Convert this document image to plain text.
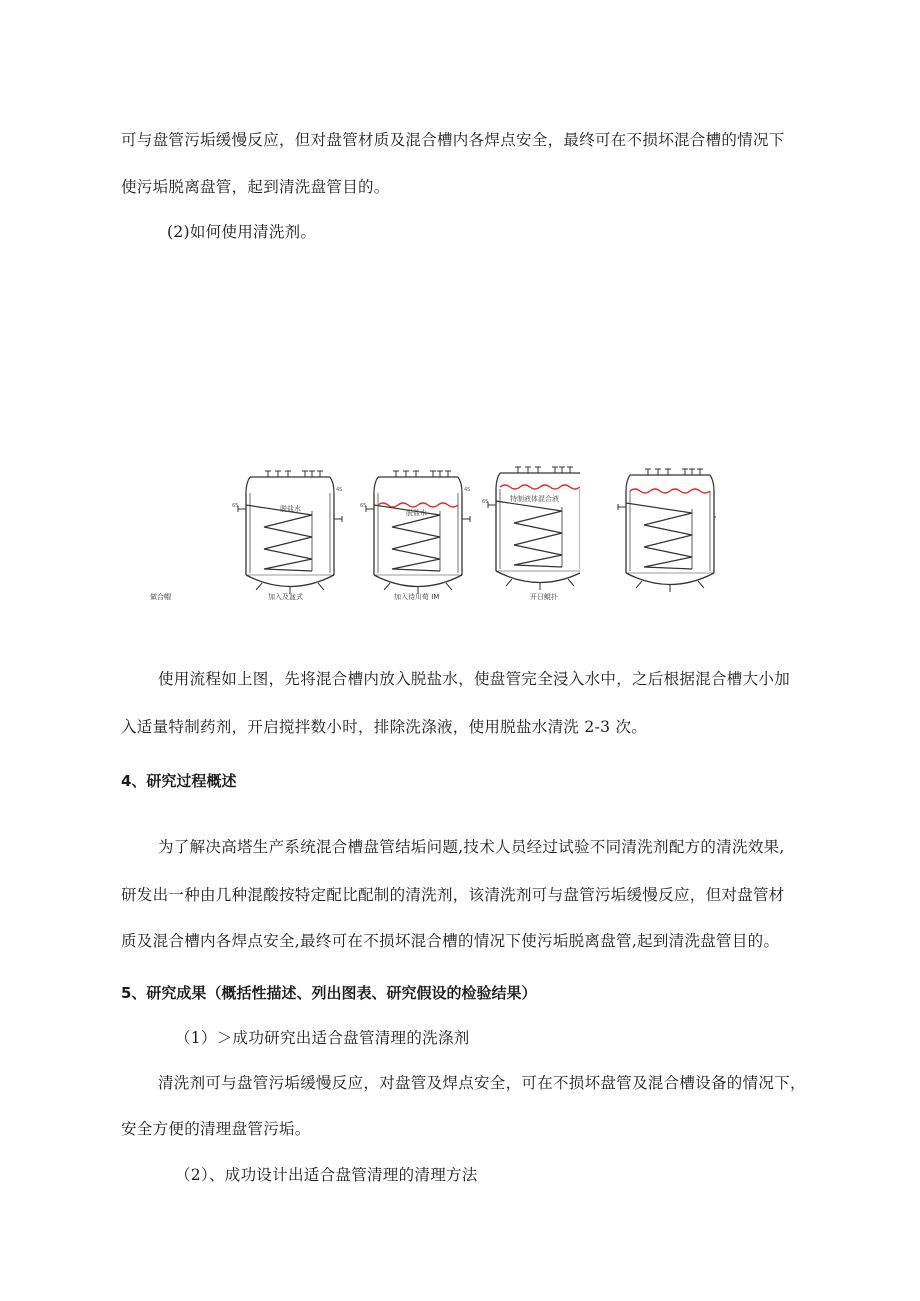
可与盘管污垢缓慢反应，但对盘管材质及混合槽内各焊点安全，最终可在不损坏混合槽的情况下
使污垢脱离盘管，起到清洗盘管目的。
(2)如何使用清洗剂。
脱盐水
65
4S
脱盐水
65
4S
特制液体混合液
65
做合帽	加入及盆式	加入待川荀 IM	开日鲲扑
使用流程如上图，先将混合槽内放入脱盐水，使盘管完全浸入水中，之后根据混合槽大小加
入适量特制药剂，开启搅拌数小时，排除洗涤液，使用脱盐水清洗 2-3 次。
4、研究过程概述
为了解决高塔生产系统混合槽盘管结垢问题,技术人员经过试验不同清洗剂配方的清洗效果,
研发出一种由几种混酸按特定配比配制的清洗剂，该清洗剂可与盘管污垢缓慢反应，但对盘管材
质及混合槽内各焊点安全,最终可在不损坏混合槽的情况下使污垢脱离盘管,起到清洗盘管目的。
5、研究成果（概括性描述、列出图表、研究假设的检验结果）
（1）＞成功研究出适合盘管清理的洗涤剂
清洗剂可与盘管污垢缓慢反应，对盘管及焊点安全，可在不损坏盘管及混合槽设备的情况下，
安全方便的清理盘管污垢。
（2）、成功设计出适合盘管清理的清理方法
